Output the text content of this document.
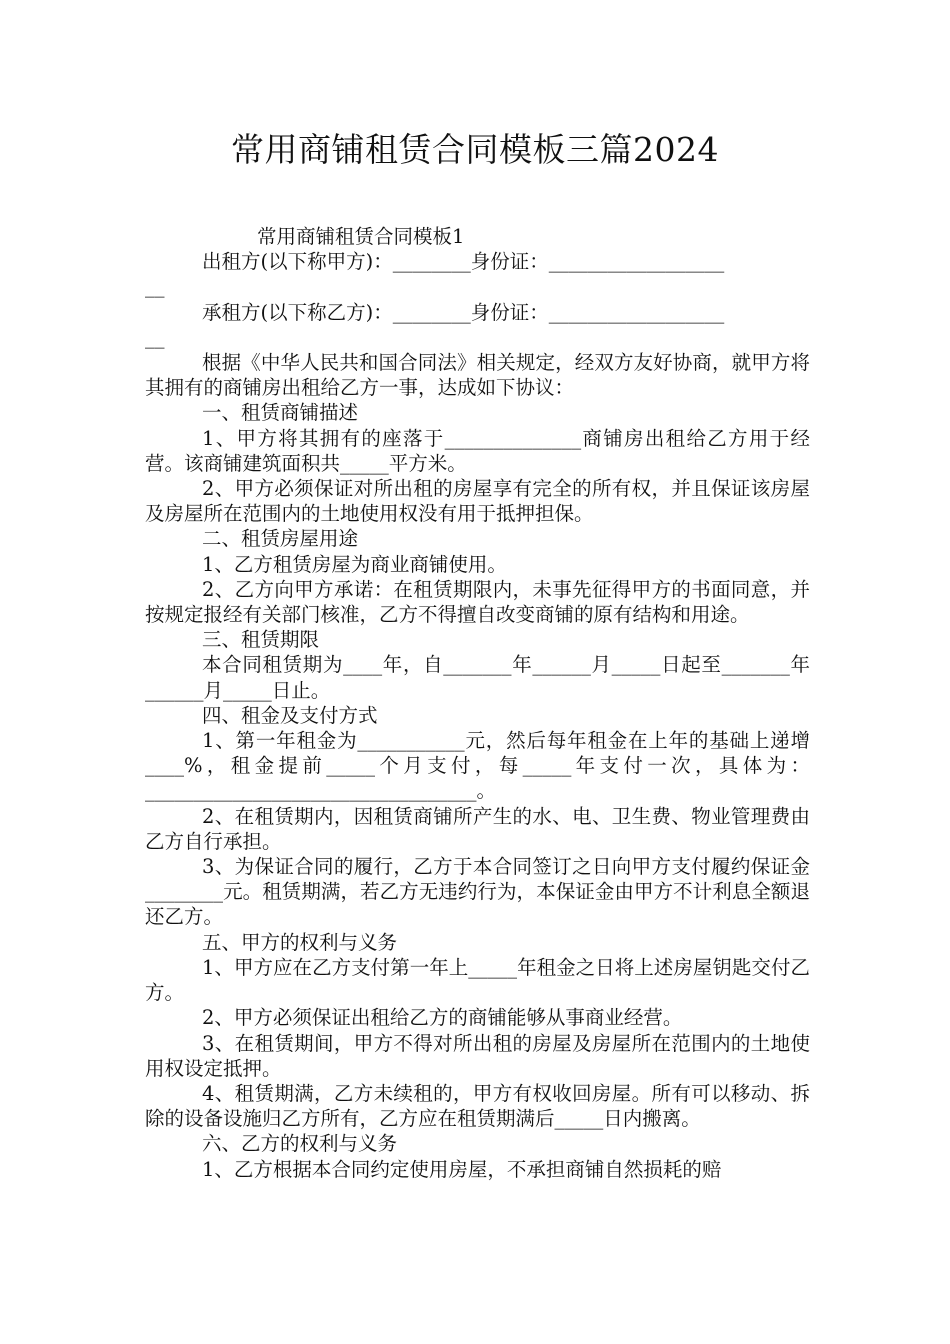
常用商铺租赁合同模板三篇2024

常用商铺租赁合同模板1

出租方(以下称甲方)：________身份证：__________________

__

承租方(以下称乙方)：________身份证：__________________

__

根据《中华人民共和国合同法》相关规定，经双方友好协商，就甲方将其拥有的商铺房出租给乙方一事，达成如下协议：

一、租赁商铺描述

1、甲方将其拥有的座落于______________商铺房出租给乙方用于经营。该商铺建筑面积共_____平方米。

2、甲方必须保证对所出租的房屋享有完全的所有权，并且保证该房屋及房屋所在范围内的土地使用权没有用于抵押担保。

二、租赁房屋用途

1、乙方租赁房屋为商业商铺使用。

2、乙方向甲方承诺：在租赁期限内，未事先征得甲方的书面同意，并按规定报经有关部门核准，乙方不得擅自改变商铺的原有结构和用途。

三、租赁期限

本合同租赁期为____年，自_______年______月_____日起至_______年______月_____日止。

四、租金及支付方式

1、第一年租金为___________元，然后每年租金在上年的基础上递增____%，租金提前_____个月支付，每_____年支付一次，具体为：__________________________________。

2、在租赁期内，因租赁商铺所产生的水、电、卫生费、物业管理费由乙方自行承担。

3、为保证合同的履行，乙方于本合同签订之日向甲方支付履约保证金________元。租赁期满，若乙方无违约行为，本保证金由甲方不计利息全额退还乙方。

五、甲方的权利与义务

1、甲方应在乙方支付第一年上_____年租金之日将上述房屋钥匙交付乙方。

2、甲方必须保证出租给乙方的商铺能够从事商业经营。

3、在租赁期间，甲方不得对所出租的房屋及房屋所在范围内的土地使用权设定抵押。

4、租赁期满，乙方未续租的，甲方有权收回房屋。所有可以移动、拆除的设备设施归乙方所有，乙方应在租赁期满后_____日内搬离。

六、乙方的权利与义务

1、乙方根据本合同约定使用房屋，不承担商铺自然损耗的赔
